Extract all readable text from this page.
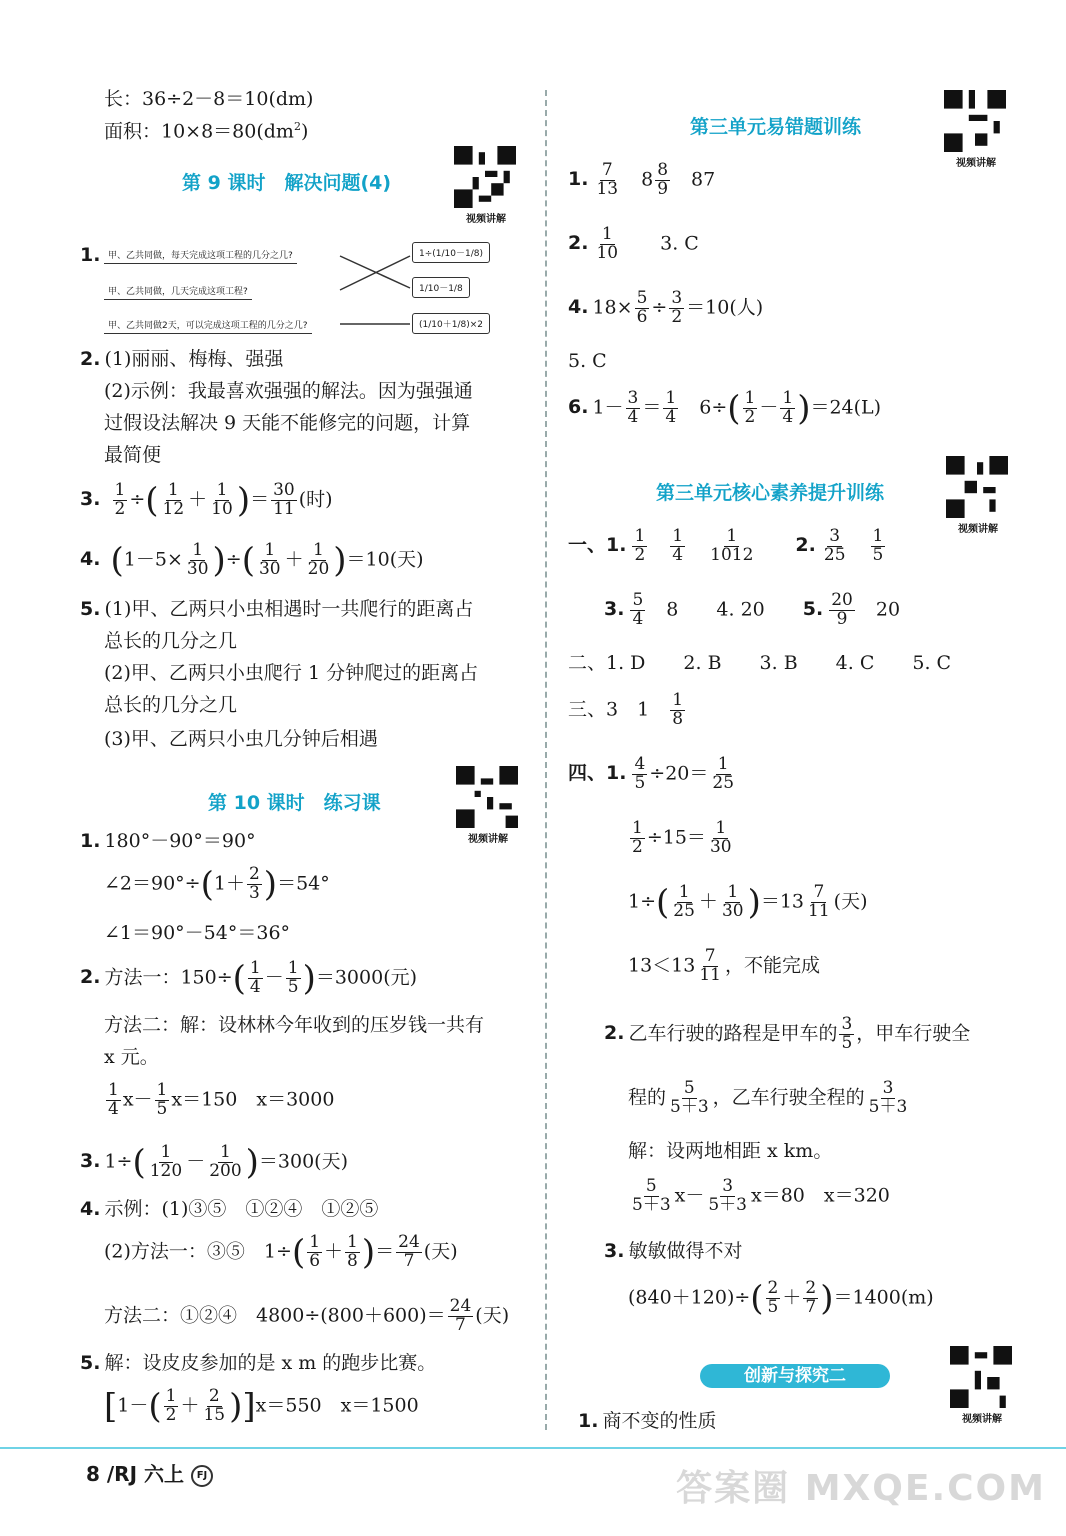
长：36÷2－8＝10(dm)
面积：$10\times 8=80(dm^2)$
第 9 课时　解决问题(4)
视频讲解
1. 甲、乙共同做，每天完成这项工程的几分之几?
甲、乙共同做，几天完成这项工程?
甲、乙共同做2天，可以完成这项工程的几分之几?
1÷(1/10－1/8)
1/10－1/8
(1/10＋1/8)×2
2. (1)丽丽、梅梅、强强
(2)示例：我最喜欢强强的解法。因为强强通
过假设法解决 9 天能不能修完的问题，计算
最简便
3. $\frac{1}{2}$ ÷( $\frac{1}{12} + \frac{1}{10}$ )＝ $\frac{30}{11}$ (时)
4. ($1-5\times \frac{1}{30}$ )÷( $\frac{1}{30} + \frac{1}{20} )=10$(天)
5. (1)甲、乙两只小虫相遇时一共爬行的距离占
总长的几分之几
(2)甲、乙两只小虫爬行 1 分钟爬过的距离占
总长的几分之几
(3)甲、乙两只小虫几分钟后相遇
第 10 课时　练习课
视频讲解
1. 180°－90°＝90°
∠2＝90°÷(1＋ $\frac{2}{3} )=54^\circ$
∠1＝90°－54°＝36°
2. 方法一：$150\div( \frac{1}{4} - \frac{1}{5} )=3000$(元)
方法二：解：设林林今年收到的压岁钱一共有
x 元。
$\frac{1}{4} x- \frac{1}{5} x=150$　x＝3000
3. $1\div( \frac{1}{120} - \frac{1}{200} )=300$(天)
4. 示例：(1)③⑤　①②④　①②⑤
(2)方法一：③⑤　$1\div( \frac{1}{6} + \frac{1}{8}$ )＝ $\frac{24}{7}$ (天)
方法二：①②④　$4800\div(800+600)= \frac{24}{7}$ (天)
5. 解：设皮皮参加的是 x m 的跑步比赛。
$[1-( \frac{1}{2} + \frac{2}{15} )]x=550$　x＝1500
第三单元易错题训练
视频讲解
1. $\frac{7}{13}$
　 $8 \frac{8}{9}$
　 87
2. $\frac{1}{10}$
　　 3. C
4. $18\times \frac{5}{6} \div \frac{3}{2} =10$(人)
5. C
6. $1- \frac{3}{4} = \frac{1}{4}$
　 $6\div( \frac{1}{2} - \frac{1}{4} )=24(L)$
第三单元核心素养提升训练
视频讲解
一、1. $\frac{1}{2}$
　 $\frac{1}{4}$
　 $\frac{1}{1012}$
　　 2. $\frac{3}{25}$
　 $\frac{1}{5}$
3. $\frac{5}{4}$
　 8　　 4. 20　　 5. $\frac{20}{9}$
　 20
二、1. D　　2. B　　3. B　　4. C　　5. C
三、3　1　 $\frac{1}{8}$
四、1. $\frac{4}{5} \div 20= \frac{1}{25}$
$\frac{1}{2} \div 15= \frac{1}{30}$
$1\div( \frac{1}{25} + \frac{1}{30} )=13 \frac{7}{11}$ (天)
$13<13 \frac{7}{11}$ ，不能完成
2. 乙车行驶的路程是甲车的 $\frac{3}{5}$ ，甲车行驶全
程的 $\frac{5}{5+3}$ ，乙车行驶全程的 $\frac{3}{5+3}$
解：设两地相距 x km。
$\frac{5}{5+3} x- \frac{3}{5+3} x=80$　x＝320
3. 敏敏做得不对
$(840+120)\div( \frac{2}{5} + \frac{2}{7} )=1400(m)$
创新与探究二
视频讲解
1. 商不变的性质
8 /RJ 六上 FJ	答案圈 MXQE.COM
